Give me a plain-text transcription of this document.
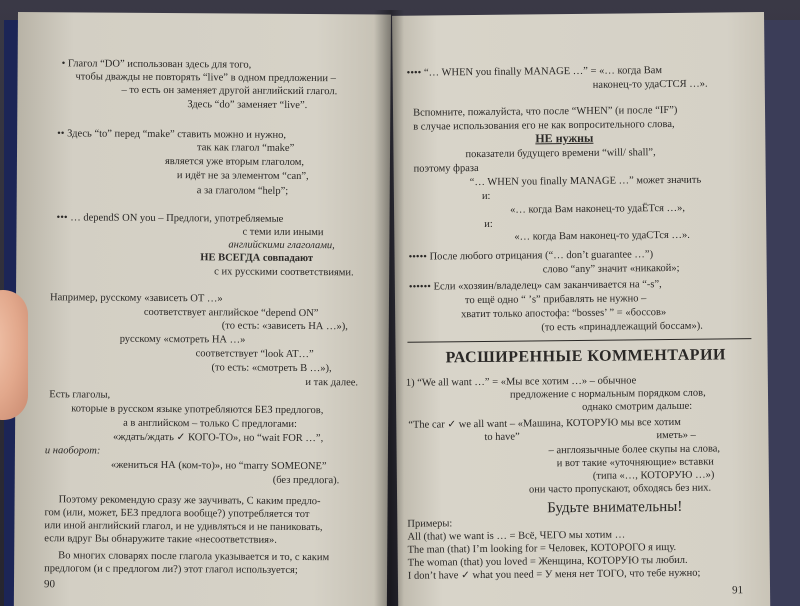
• Глагол “DO” использован здесь для того,
чтобы дважды не повторять “live” в одном предложении –
– то есть он заменяет другой английский глагол.
Здесь “do” заменяет “live”.
•• Здесь “to” перед “make” ставить можно и нужно,
так как глагол “make”
является уже вторым глаголом,
и идёт не за элементом “can”,
а за глаголом “help”;
••• … dependS ON you – Предлоги, употребляемые
с теми или иными
английскими глаголами,
НЕ ВСЕГДА совпадают
с их русскими соответствиями.
Например, русскому «зависеть ОТ …»
соответствует английское “depend ON”
(то есть: «зависеть НА …»),
русскому «смотреть НА …»
соответствует “look AT…”
(то есть: «смотреть В …»),
и так далее.
Есть глаголы,
которые в русском языке употребляются БЕЗ предлогов,
а в английском – только С предлогами:
«ждать/ждать ✓ КОГО-ТО», но “wait FOR …”,
и наоборот:
«жениться НА (ком-то)», но “marry SOMEONE”
(без предлога).
Поэтому рекомендую сразу же заучивать, С каким предло-
гом (или, может, БЕЗ предлога вообще?) употребляется тот
или иной английский глагол, и не удивляться и не паниковать,
если вдруг Вы обнаружите такие «несоответствия».
Во многих словарях после глагола указывается и то, с каким
предлогом (и с предлогом ли?) этот глагол используется;
90
•••• “… WHEN you finally MANAGE …” = «… когда Вам
наконец-то удаСТСЯ …».
Вспомните, пожалуйста, что после “WHEN” (и после “IF”)
в случае использования его не как вопросительного слова,
НЕ нужны
показатели будущего времени “will/ shall”,
поэтому фраза
“… WHEN you finally MANAGE …” может значить
и:
«… когда Вам наконец-то удаЁТся …»,
и:
«… когда Вам наконец-то удаСТся …».
••••• После любого отрицания (“… don’t guarantee …”)
слово “any” значит «никакой»;
•••••• Если «хозяин/владелец» сам заканчивается на “-s”,
то ещё одно “ ’s” прибавлять не нужно –
хватит только апостофа: “bosses’ ” = «боссов»
(то есть «принадлежащий боссам»).
РАСШИРЕННЫЕ КОММЕНТАРИИ
1) “We all want …” = «Мы все хотим …» – обычное
предложение с нормальным порядком слов,
однако смотрим дальше:
“The car ✓ we all want – «Машина, КОТОРУЮ мы все хотим
to have”	иметь» –
– англоязычные более скупы на слова,
и вот такие «уточняющие» вставки
(типа «…, КОТОРУЮ …»)
они часто пропускают, обходясь без них.
Будьте внимательны!
Примеры:
All (that) we want is … = Всё, ЧЕГО мы хотим …
The man (that) I’m looking for = Человек, КОТОРОГО я ищу.
The woman (that) you loved = Женщина, КОТОРУЮ ты любил.
I don’t have ✓ what you need = У меня нет ТОГО, что тебе нужно;
91
